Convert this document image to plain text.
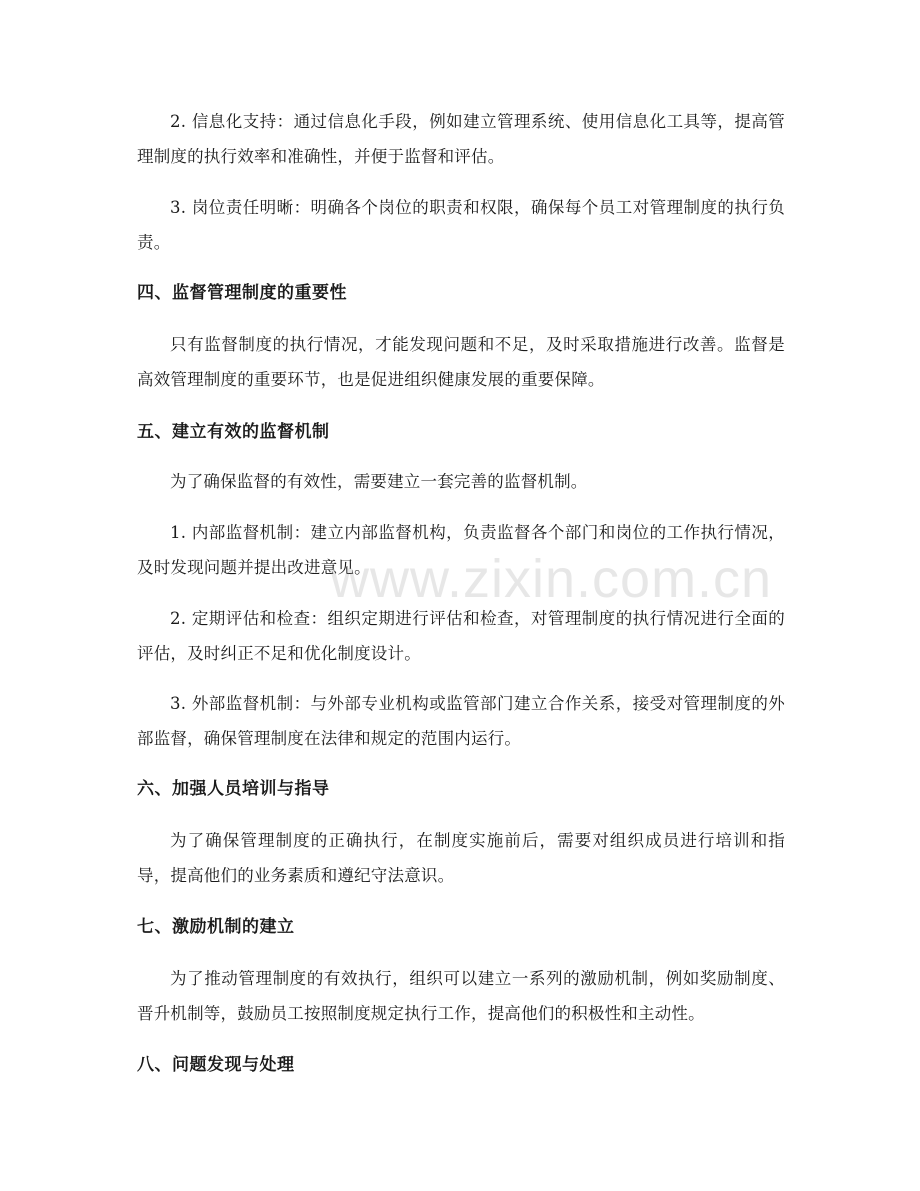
2. 信息化支持：通过信息化手段，例如建立管理系统、使用信息化工具等，提高管理制度的执行效率和准确性，并便于监督和评估。

3. 岗位责任明晰：明确各个岗位的职责和权限，确保每个员工对管理制度的执行负责。

四、监督管理制度的重要性

只有监督制度的执行情况，才能发现问题和不足，及时采取措施进行改善。监督是高效管理制度的重要环节，也是促进组织健康发展的重要保障。

五、建立有效的监督机制

为了确保监督的有效性，需要建立一套完善的监督机制。

1. 内部监督机制：建立内部监督机构，负责监督各个部门和岗位的工作执行情况，及时发现问题并提出改进意见。

2. 定期评估和检查：组织定期进行评估和检查，对管理制度的执行情况进行全面的评估，及时纠正不足和优化制度设计。

3. 外部监督机制：与外部专业机构或监管部门建立合作关系，接受对管理制度的外部监督，确保管理制度在法律和规定的范围内运行。

六、加强人员培训与指导

为了确保管理制度的正确执行，在制度实施前后，需要对组织成员进行培训和指导，提高他们的业务素质和遵纪守法意识。

七、激励机制的建立

为了推动管理制度的有效执行，组织可以建立一系列的激励机制，例如奖励制度、晋升机制等，鼓励员工按照制度规定执行工作，提高他们的积极性和主动性。

八、问题发现与处理
www.zixin.com.cn
